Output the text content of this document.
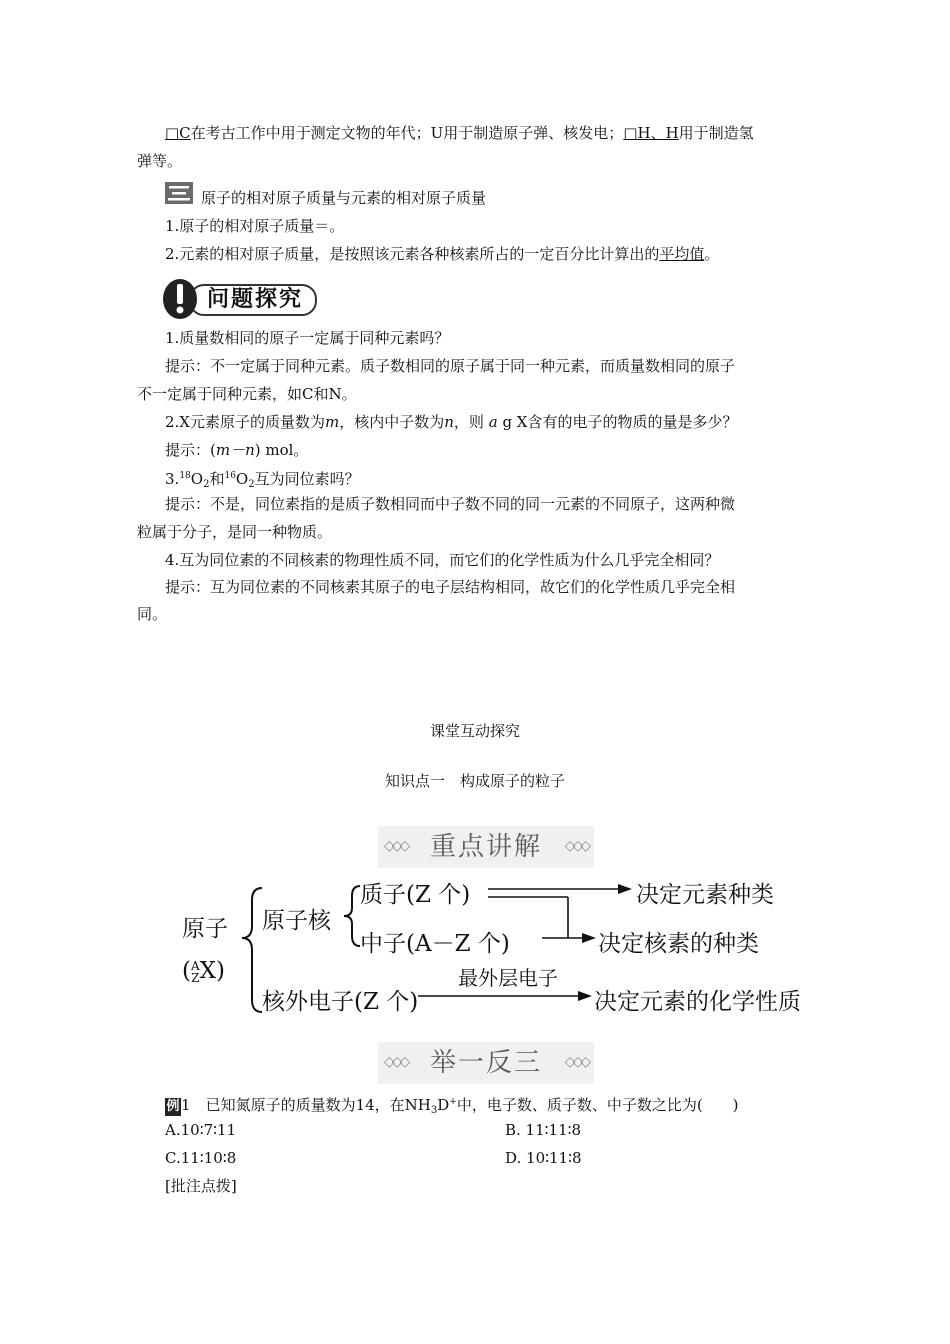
□C在考古工作中用于测定文物的年代；U用于制造原子弹、核发电；□H、H用于制造氢
弹等。
原子的相对原子质量与元素的相对原子质量
1.原子的相对原子质量＝。
2.元素的相对原子质量，是按照该元素各种核素所占的一定百分比计算出的平均值。
问题探究
1.质量数相同的原子一定属于同种元素吗？
提示：不一定属于同种元素。质子数相同的原子属于同一种元素，而质量数相同的原子
不一定属于同种元素，如C和N。
2.X元素原子的质量数为m，核内中子数为n，则 a g X含有的电子的物质的量是多少？
提示：(m－n) mol。
$3.18O_2$和$^{16}O_2$互为同位素吗？
提示：不是，同位素指的是质子数相同而中子数不同的同一元素的不同原子，这两种微
粒属于分子，是同一种物质。
4.互为同位素的不同核素的物理性质不同，而它们的化学性质为什么几乎完全相同？
提示：互为同位素的不同核素其原子的电子层结构相同，故它们的化学性质几乎完全相
同。
课堂互动探究
知识点一　构成原子的粒子
◇◇◇ 重点讲解	◇◇◇
原子
( A
Z X)
原子核
质子(Z 个)
中子(A－Z 个)
核外电子(Z 个)
最外层电子
决定元素种类
决定核素的种类
决定元素的化学性质
◇◇◇ 举一反三	◇◇◇
例 1　 已知氮原子的质量数为14，在$NH_3D^+$中，电子数、质子数、中子数之比为(　　)
A.10∶7∶11	B. 11∶11∶8
C.11∶10∶8	D. 10∶11∶8
[批注点拨]
